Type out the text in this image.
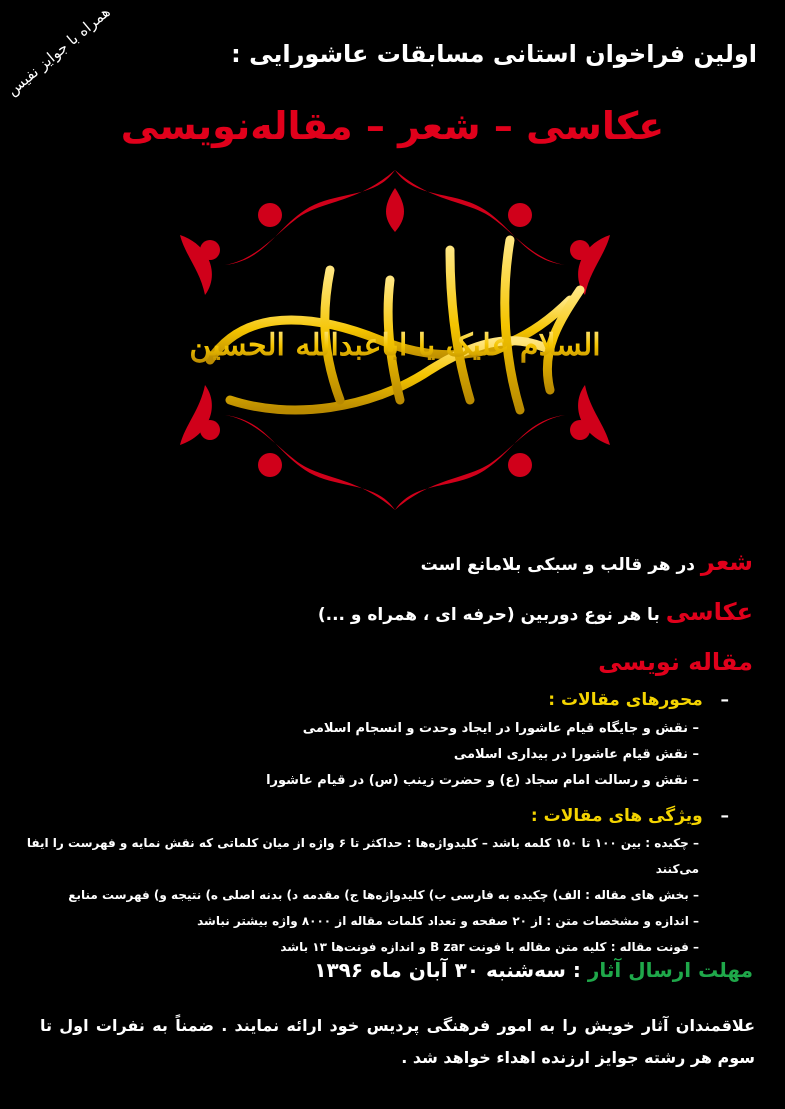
همراه با جوایز نفیس	اولین فراخوان استانی مسابقات عاشورایی :
عکاسی – شعر – مقاله‌نویسی
السلام علیک یا اباعبدالله الحسین
شعر در هر قالب و سبکی بلامانع است
عکاسی با هر نوع دوربین (حرفه ای ، همراه و ...)
مقاله نویسی
–   محورهای مقالات :
– نقش و جایگاه قیام عاشورا در ایجاد وحدت و انسجام اسلامی
– نقش قیام عاشورا در بیداری اسلامی
– نقش و رسالت امام سجاد (ع) و حضرت زینب (س) در قیام عاشورا
–   ویژگی های مقالات :
– چکیده : بین ۱۰۰ تا ۱۵۰ کلمه باشد – کلیدواژه‌ها : حداکثر تا ۶ واژه از میان کلماتی که نقش نمایه و فهرست را ایفا می‌کنند
– بخش های مقاله : الف) چکیده به فارسی ب) کلیدواژه‌ها ج) مقدمه د) بدنه اصلی ه) نتیجه و) فهرست منابع
– اندازه و مشخصات متن : از ۲۰ صفحه و تعداد کلمات مقاله از ۸۰۰۰ واژه بیشتر نباشد
– فونت مقاله : کلیه متن مقاله با فونت B zar و اندازه فونت‌ها ۱۳ باشد
مهلت ارسال آثار : سه‌شنبه ۳۰ آبان ماه ۱۳۹۶
علاقمندان آثار خویش را به امور فرهنگی پردیس خود ارائه نمایند . ضمناً به نفرات اول تا سوم هر رشته جوایز ارزنده اهداء خواهد شد .
